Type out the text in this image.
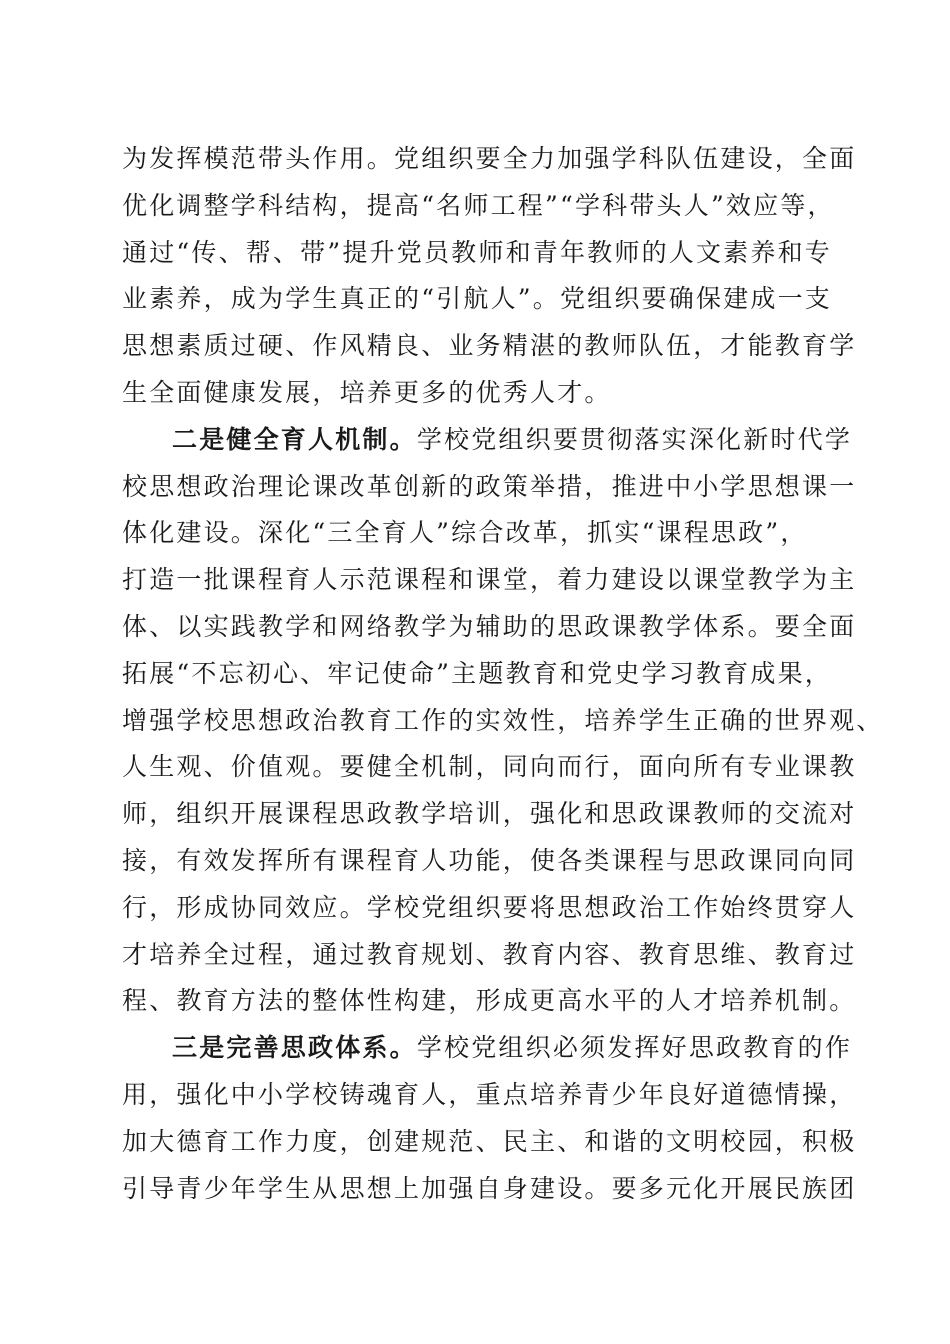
为发挥模范带头作用。党组织要全力加强学科队伍建设，全面
优化调整学科结构，提高“名师工程”“学科带头人”效应等，
通过“传、帮、带”提升党员教师和青年教师的人文素养和专
业素养，成为学生真正的“引航人”。党组织要确保建成一支
思想素质过硬、作风精良、业务精湛的教师队伍，才能教育学
生全面健康发展，培养更多的优秀人才。

二是健全育人机制。学校党组织要贯彻落实深化新时代学
校思想政治理论课改革创新的政策举措，推进中小学思想课一
体化建设。深化“三全育人”综合改革，抓实“课程思政”，
打造一批课程育人示范课程和课堂，着力建设以课堂教学为主
体、以实践教学和网络教学为辅助的思政课教学体系。要全面
拓展“不忘初心、牢记使命”主题教育和党史学习教育成果，
增强学校思想政治教育工作的实效性，培养学生正确的世界观、
人生观、价值观。要健全机制，同向而行，面向所有专业课教
师，组织开展课程思政教学培训，强化和思政课教师的交流对
接，有效发挥所有课程育人功能，使各类课程与思政课同向同
行，形成协同效应。学校党组织要将思想政治工作始终贯穿人
才培养全过程，通过教育规划、教育内容、教育思维、教育过
程、教育方法的整体性构建，形成更高水平的人才培养机制。

三是完善思政体系。学校党组织必须发挥好思政教育的作
用，强化中小学校铸魂育人，重点培养青少年良好道德情操，
加大德育工作力度，创建规范、民主、和谐的文明校园，积极
引导青少年学生从思想上加强自身建设。要多元化开展民族团
